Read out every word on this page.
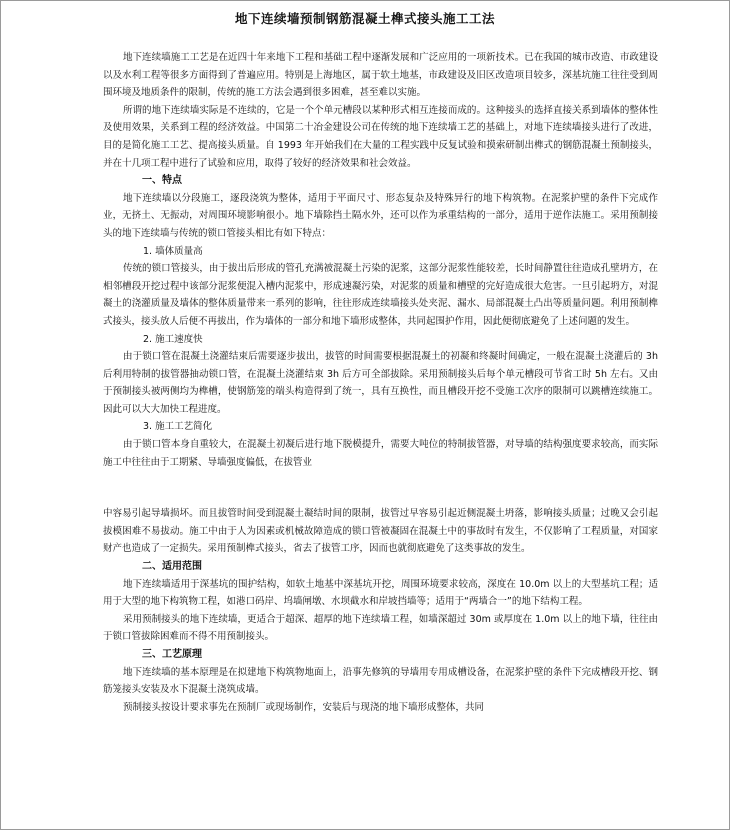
地下连续墙预制钢筋混凝土榫式接头施工工法

地下连续墙施工工艺是在近四十年来地下工程和基础工程中逐渐发展和广泛应用的一项新技术。已在我国的城市改造、市政建设以及水利工程等很多方面得到了普遍应用。特别是上海地区，属于软土地基，市政建设及旧区改造项目较多，深基坑施工往往受到周围环境及地质条件的限制，传统的施工方法会遇到很多困难，甚至难以实施。

所谓的地下连续墙实际是不连续的，它是一个个单元槽段以某种形式相互连接而成的。这种接头的选择直接关系到墙体的整体性及使用效果，关系到工程的经济效益。中国第二十冶金建设公司在传统的地下连续墙工艺的基础上，对地下连续墙接头进行了改进，目的是简化施工工艺、提高接头质量。自 1993 年开始我们在大量的工程实践中反复试验和摸索研制出榫式的钢筋混凝土预制接头，并在十几项工程中进行了试验和应用，取得了较好的经济效果和社会效益。

一、特点

地下连续墙以分段施工，逐段浇筑为整体，适用于平面尺寸、形态复杂及特殊异行的地下构筑物。在泥浆护壁的条件下完成作业，无挤土、无振动，对周围环境影响很小。地下墙除挡土隔水外，还可以作为承重结构的一部分，适用于逆作法施工。采用预制接头的地下连续墙与传统的锁口管接头相比有如下特点：

1. 墙体质量高

传统的锁口管接头，由于拔出后形成的管孔充满被混凝土污染的泥浆，这部分泥浆性能较差，长时间静置往往造成孔壁坍方，在相邻槽段开挖过程中该部分泥浆便混入槽内泥浆中，形成速凝污染，对泥浆的质量和槽壁的完好造成很大危害。一旦引起坍方，对混凝土的浇灌质量及墙体的整体质量带来一系列的影响，往往形成连续墙接头处夹泥、漏水、局部混凝土凸出等质量问题。利用预制榫式接头，接头放人后便不再拔出，作为墙体的一部分和地下墙形成整体，共同起围护作用，因此便彻底避免了上述问题的发生。

2. 施工速度快

由于锁口管在混凝土浇灌结束后需要逐步拔出，拔管的时间需要根据混凝土的初凝和终凝时间确定，一般在混凝土浇灌后的 3h 后利用特制的拔管器抽动锁口管，在混凝土浇灌结束 3h 后方可全部拔除。采用预制接头后每个单元槽段可节省工时 5h 左右。又由于预制接头被两侧均为榫槽，使钢筋笼的端头构造得到了统一，具有互换性，而且槽段开挖不受施工次序的限制可以跳槽连续施工。因此可以大大加快工程进度。

3. 施工工艺简化

由于锁口管本身自重较大，在混凝土初凝后进行地下脱模提升，需要大吨位的特制拔管器，对导墙的结构强度要求较高，而实际施工中往往由于工期紧、导墙强度偏低，在拔管业

中容易引起导墙损坏。而且拔管时间受到混凝土凝结时间的限制，拔管过早容易引起近侧混凝土坍落，影响接头质量；过晚又会引起拔模困难不易拔动。施工中由于人为因素或机械故障造成的锁口管被凝固在混凝土中的事故时有发生，不仅影响了工程质量，对国家财产也造成了一定损失。采用预制榫式接头，省去了拔管工序，因而也就彻底避免了这类事故的发生。

二、适用范围

地下连续墙适用于深基坑的围护结构，如软土地基中深基坑开挖，周围环境要求较高，深度在 10.0m 以上的大型基坑工程；适用于大型的地下构筑物工程，如港口码岸、坞墙闸墩、水坝截水和岸坡挡墙等；适用于“两墙合一”的地下结构工程。

采用预制接头的地下连续墙，更适合于超深、超厚的地下连续墙工程，如墙深超过 30m 或厚度在 1.0m 以上的地下墙，往往由于锁口管拔除困难而不得不用预制接头。

三、工艺原理

地下连续墙的基本原理是在拟建地下构筑物地面上，沿事先修筑的导墙用专用成槽设备，在泥浆护壁的条件下完成槽段开挖、钢筋笼接头安装及水下混凝土浇筑成墙。

预制接头按设计要求事先在预制厂或现场制作，安装后与现浇的地下墙形成整体，共同
